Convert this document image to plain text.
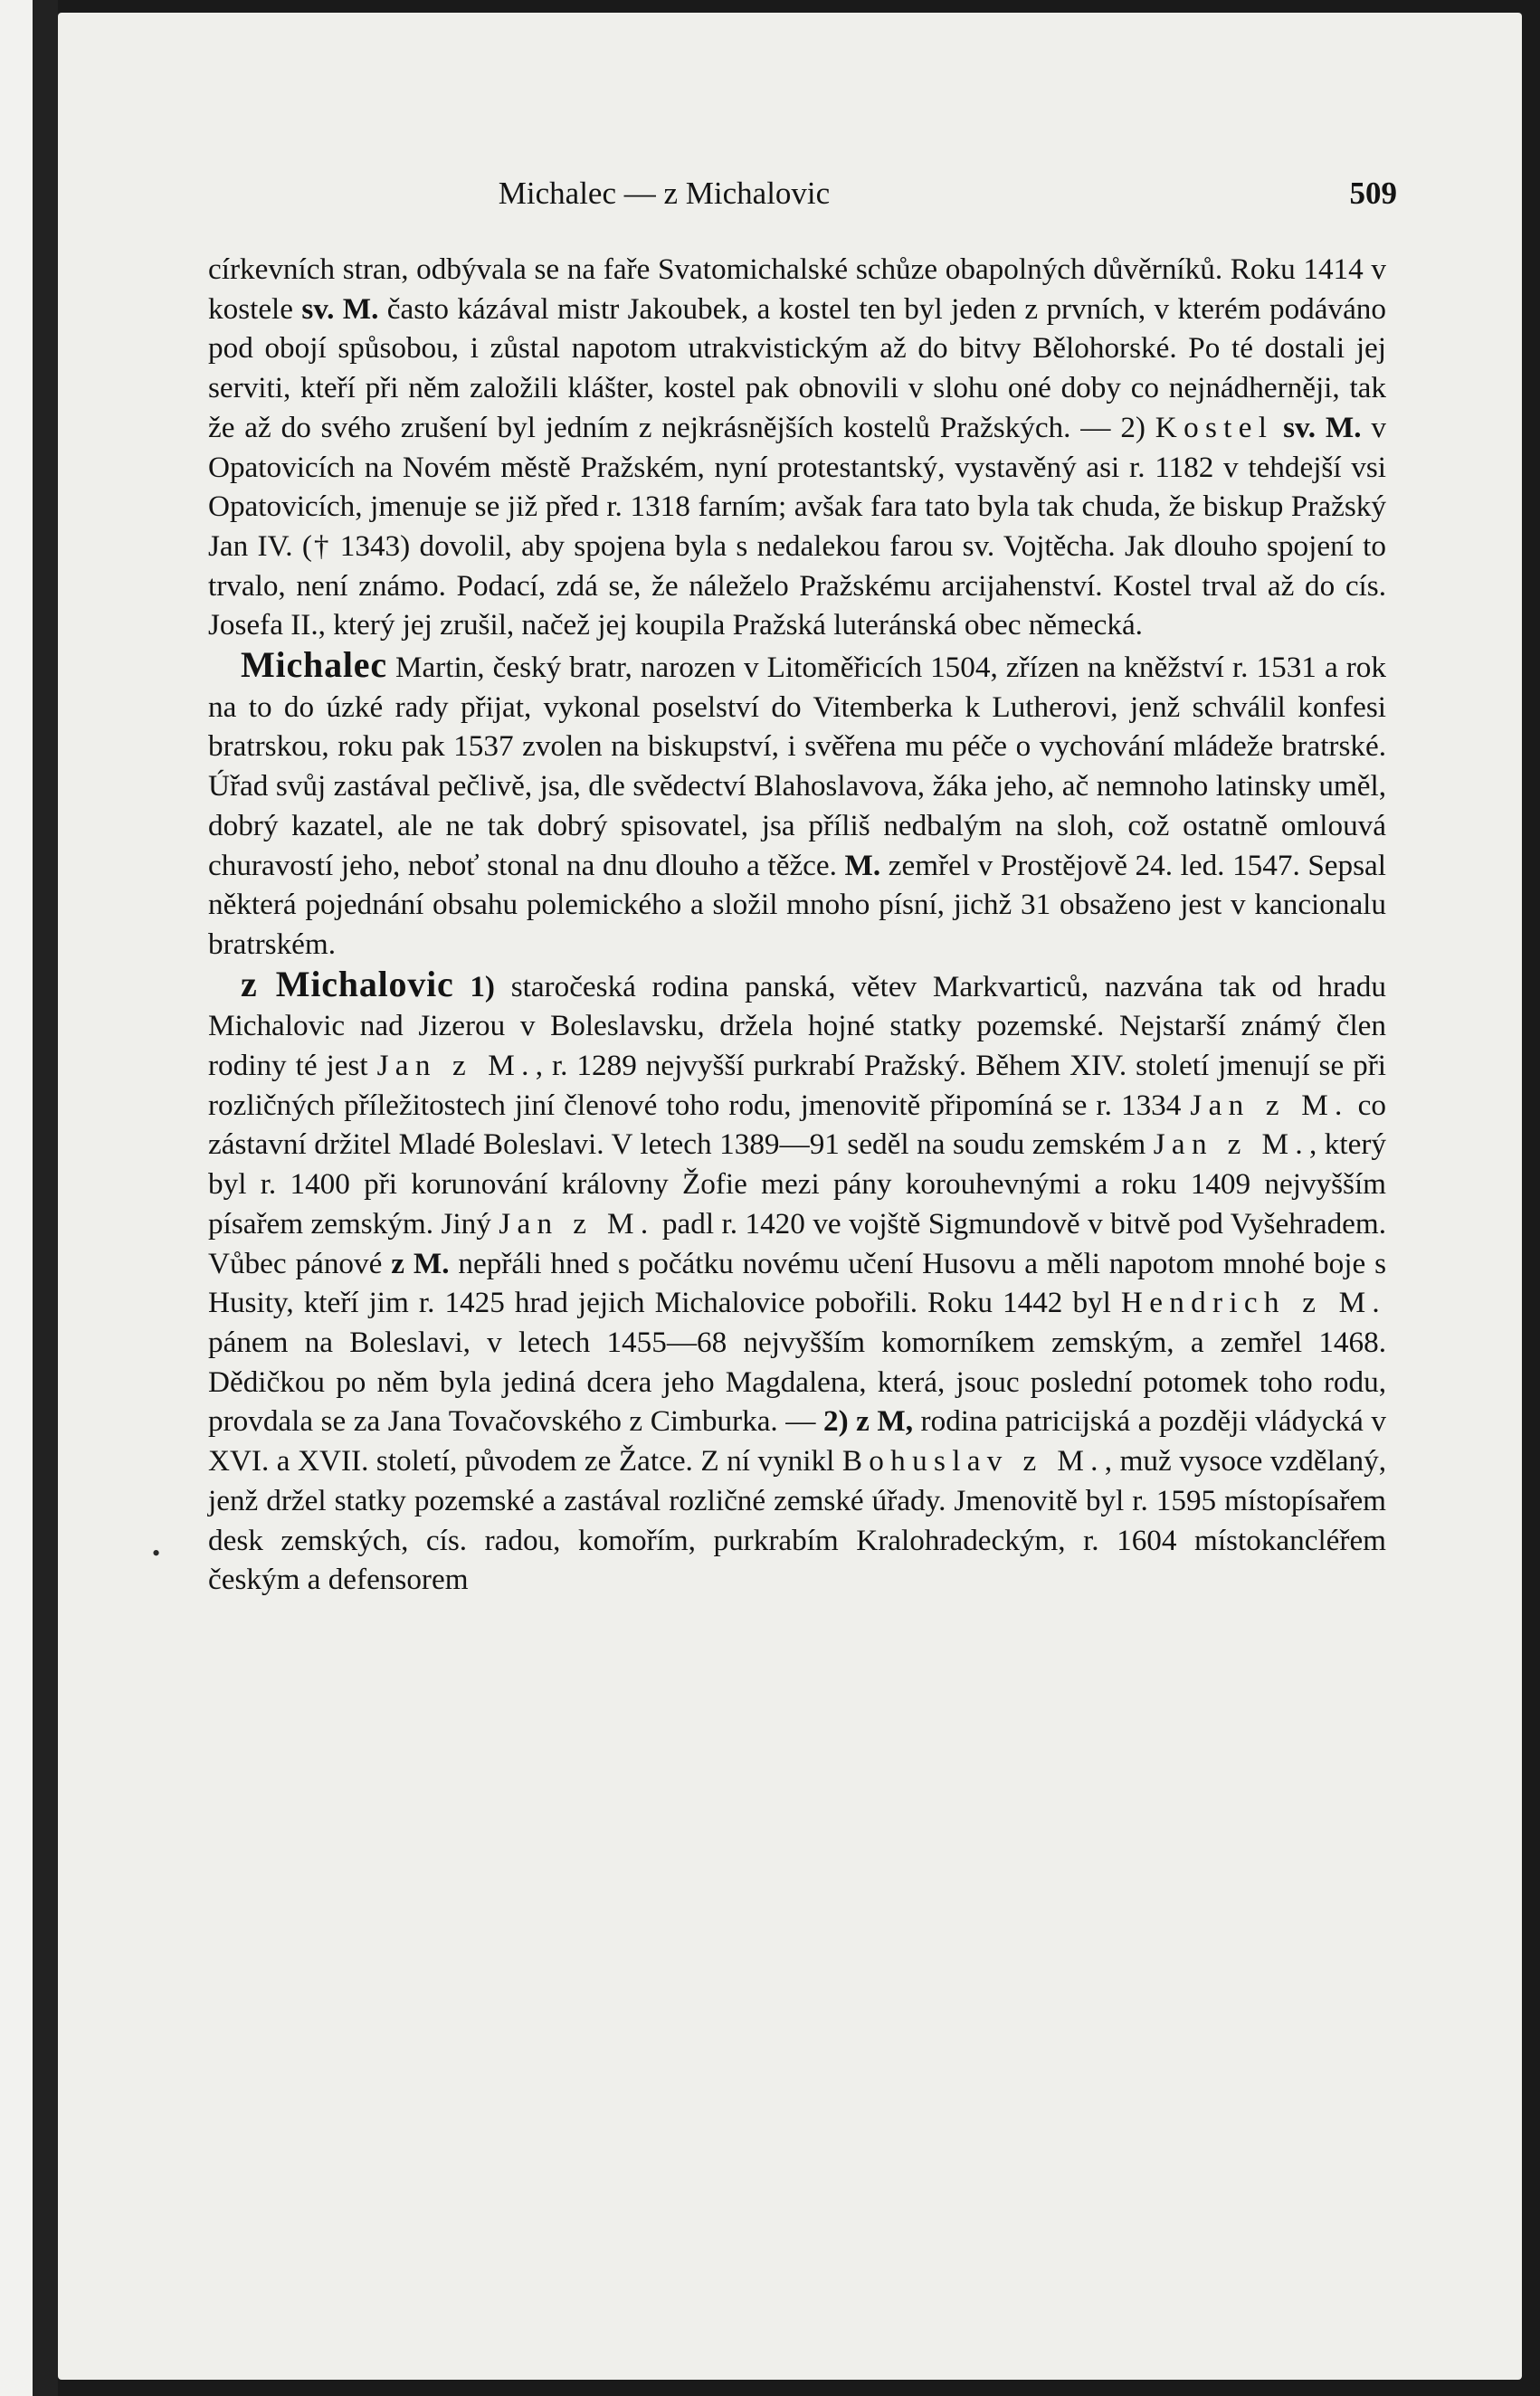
Michalec — z Michalovic	509

církevních stran, odbývala se na faře Svatomichalské schůze obapolných důvěrníků. Roku 1414 v kostele sv. M. často kázával mistr Jakoubek, a kostel ten byl jeden z prvních, v kterém podáváno pod obojí spůsobou, i zůstal napotom utrakvistickým až do bitvy Bělohorské. Po té dostali jej serviti, kteří při něm založili klášter, kostel pak obnovili v slohu oné doby co nejnádherněji, tak že až do svého zrušení byl jedním z nejkrásnějších kostelů Pražských. — 2) Kostel sv. M. v Opatovicích na Novém městě Pražském, nyní protestantský, vystavěný asi r. 1182 v tehdejší vsi Opatovicích, jmenuje se již před r. 1318 farním; avšak fara tato byla tak chuda, že biskup Pražský Jan IV. († 1343) dovolil, aby spojena byla s nedalekou farou sv. Vojtěcha. Jak dlouho spojení to trvalo, není známo. Podací, zdá se, že náleželo Pražskému arcijahenství. Kostel trval až do cís. Josefa II., který jej zrušil, načež jej koupila Pražská luteránská obec německá.

Michalec Martin, český bratr, narozen v Litoměřicích 1504, zřízen na kněžství r. 1531 a rok na to do úzké rady přijat, vykonal poselství do Vitemberka k Lutherovi, jenž schválil konfesi bratrskou, roku pak 1537 zvolen na biskupství, i svěřena mu péče o vychování mládeže bratrské. Úřad svůj zastával pečlivě, jsa, dle svědectví Blahoslavova, žáka jeho, ač nemnoho latinsky uměl, dobrý kazatel, ale ne tak dobrý spisovatel, jsa příliš nedbalým na sloh, což ostatně omlouvá churavostí jeho, neboť stonal na dnu dlouho a těžce. M. zemřel v Prostějově 24. led. 1547. Sepsal některá pojednání obsahu polemického a složil mnoho písní, jichž 31 obsaženo jest v kancionalu bratrském.

z Michalovic 1) staročeská rodina panská, větev Markvarticů, nazvána tak od hradu Michalovic nad Jizerou v Boleslavsku, držela hojné statky pozemské. Nejstarší známý člen rodiny té jest Jan z M., r. 1289 nejvyšší purkrabí Pražský. Během XIV. století jmenují se při rozličných příležitostech jiní členové toho rodu, jmenovitě připomíná se r. 1334 Jan z M. co zástavní držitel Mladé Boleslavi. V letech 1389—91 seděl na soudu zemském Jan z M., který byl r. 1400 při korunování královny Žofie mezi pány korouhevnými a roku 1409 nejvyšším písařem zemským. Jiný Jan z M. padl r. 1420 ve vojště Sigmundově v bitvě pod Vyšehradem. Vůbec pánové z M. nepřáli hned s počátku novému učení Husovu a měli napotom mnohé boje s Husity, kteří jim r. 1425 hrad jejich Michalovice pobořili. Roku 1442 byl Hendrich z M. pánem na Boleslavi, v letech 1455—68 nejvyšším komorníkem zemským, a zemřel 1468. Dědičkou po něm byla jediná dcera jeho Magdalena, která, jsouc poslední potomek toho rodu, provdala se za Jana Tovačovského z Cimburka. — 2) z M, rodina patricijská a později vládycká v XVI. a XVII. století, původem ze Žatce. Z ní vynikl Bohuslav z M., muž vysoce vzdělaný, jenž držel statky pozemské a zastával rozličné zemské úřady. Jmenovitě byl r. 1595 místopísařem desk zemských, cís. radou, komořím, purkrabím Kralohradeckým, r. 1604 místokancléřem českým a defensorem

•
